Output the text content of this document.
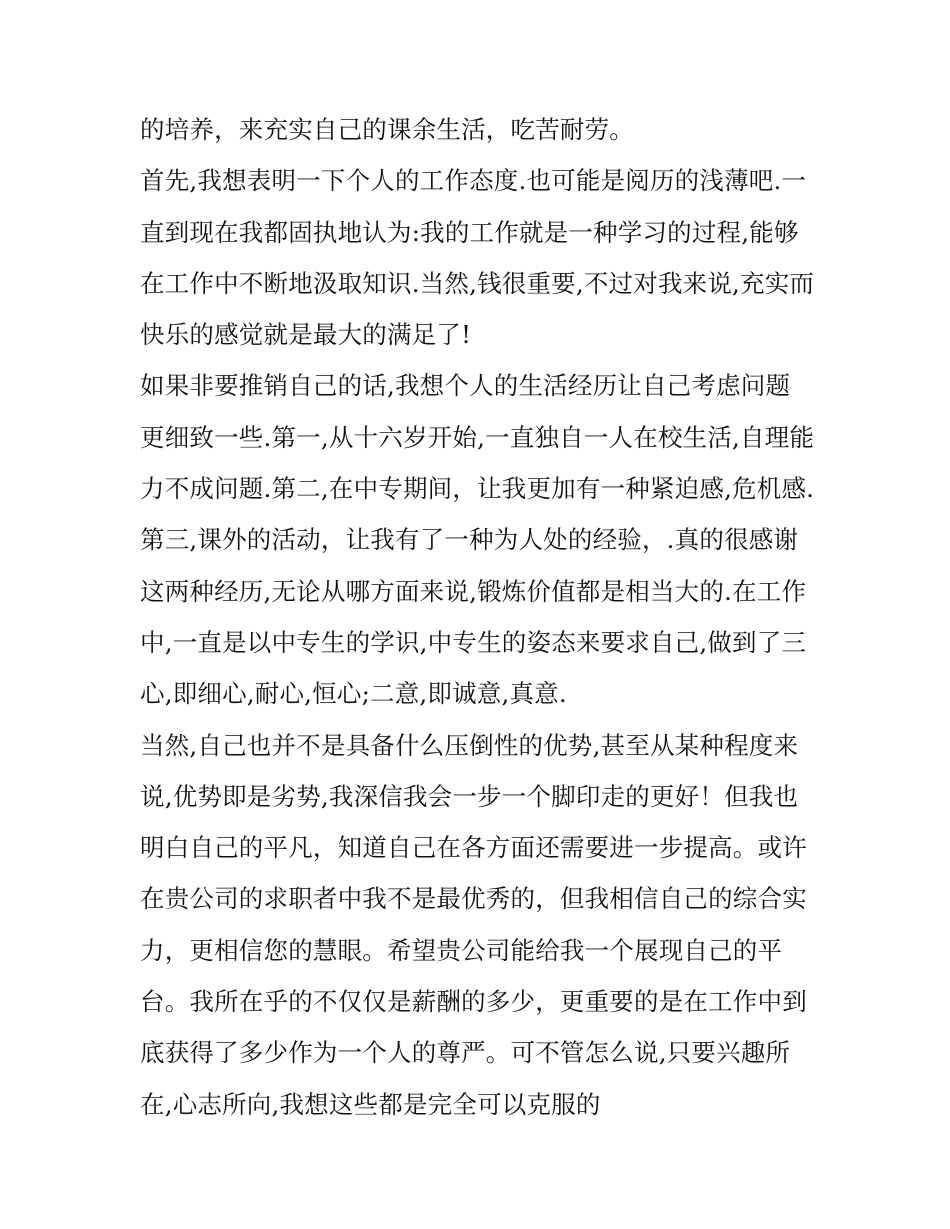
的培养，来充实自己的课余生活，吃苦耐劳。
首先,我想表明一下个人的工作态度.也可能是阅历的浅薄吧.一
直到现在我都固执地认为:我的工作就是一种学习的过程,能够
在工作中不断地汲取知识.当然,钱很重要,不过对我来说,充实而
快乐的感觉就是最大的满足了!
如果非要推销自己的话,我想个人的生活经历让自己考虑问题
更细致一些.第一,从十六岁开始,一直独自一人在校生活,自理能
力不成问题.第二,在中专期间，让我更加有一种紧迫感,危机感.
第三,课外的活动，让我有了一种为人处的经验，.真的很感谢
这两种经历,无论从哪方面来说,锻炼价值都是相当大的.在工作
中,一直是以中专生的学识,中专生的姿态来要求自己,做到了三
心,即细心,耐心,恒心;二意,即诚意,真意.
当然,自己也并不是具备什么压倒性的优势,甚至从某种程度来
说,优势即是劣势,我深信我会一步一个脚印走的更好！但我也
明白自己的平凡，知道自己在各方面还需要进一步提高。或许
在贵公司的求职者中我不是最优秀的，但我相信自己的综合实
力，更相信您的慧眼。希望贵公司能给我一个展现自己的平
台。我所在乎的不仅仅是薪酬的多少，更重要的是在工作中到
底获得了多少作为一个人的尊严。可不管怎么说,只要兴趣所
在,心志所向,我想这些都是完全可以克服的
